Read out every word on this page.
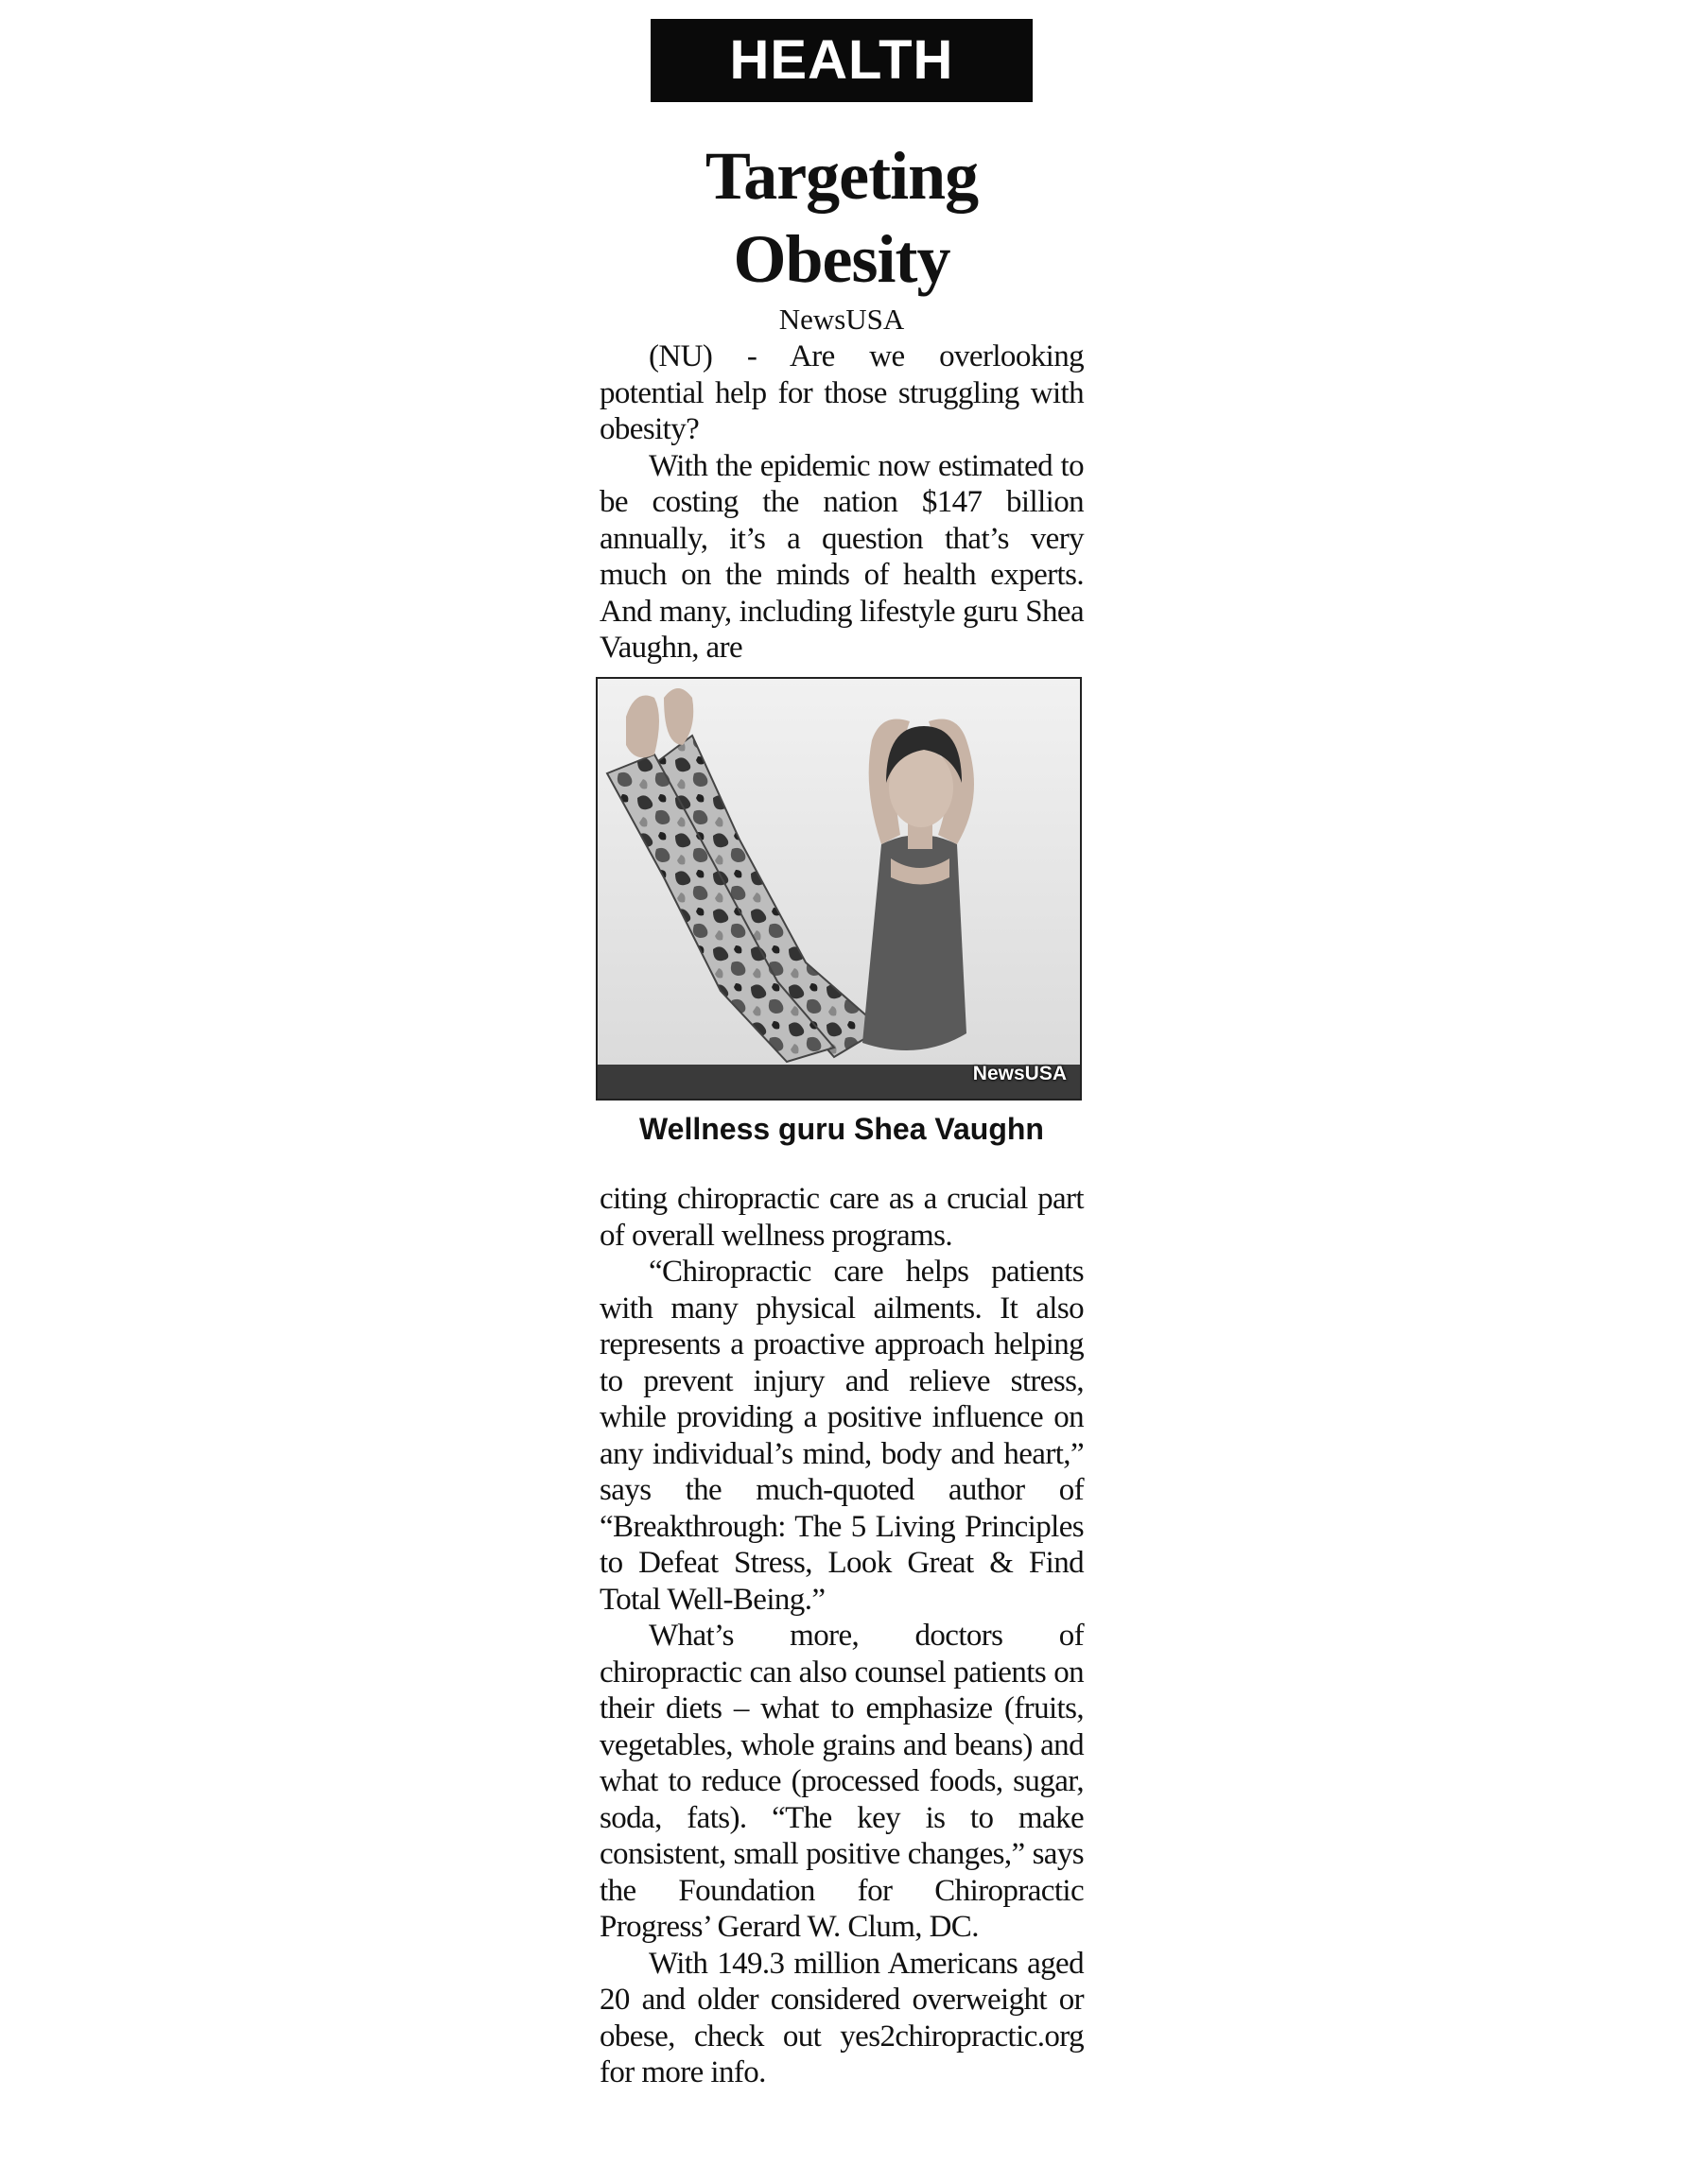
HEALTH
Targeting
Obesity
NewsUSA

(NU) - Are we overlooking potential help for those struggling with obesity?

With the epidemic now estimated to be costing the nation $147 billion annually, it’s a question that’s very much on the minds of health experts. And many, including lifestyle guru Shea Vaughn, are

NewsUSA
Wellness guru Shea Vaughn

citing chiropractic care as a crucial part of overall wellness programs.

“Chiropractic care helps patients with many physical ailments. It also represents a proactive approach helping to prevent injury and relieve stress, while providing a positive influence on any individual’s mind, body and heart,” says the much-quoted author of “Breakthrough: The 5 Living Principles to Defeat Stress, Look Great & Find Total Well-Being.”

What’s more, doctors of chiropractic can also counsel patients on their diets – what to emphasize (fruits, vegetables, whole grains and beans) and what to reduce (processed foods, sugar, soda, fats). “The key is to make consistent, small positive changes,” says the Foundation for Chiropractic Progress’ Gerard W. Clum, DC.

With 149.3 million Americans aged 20 and older considered overweight or obese, check out yes2chiropractic.org for more info.
